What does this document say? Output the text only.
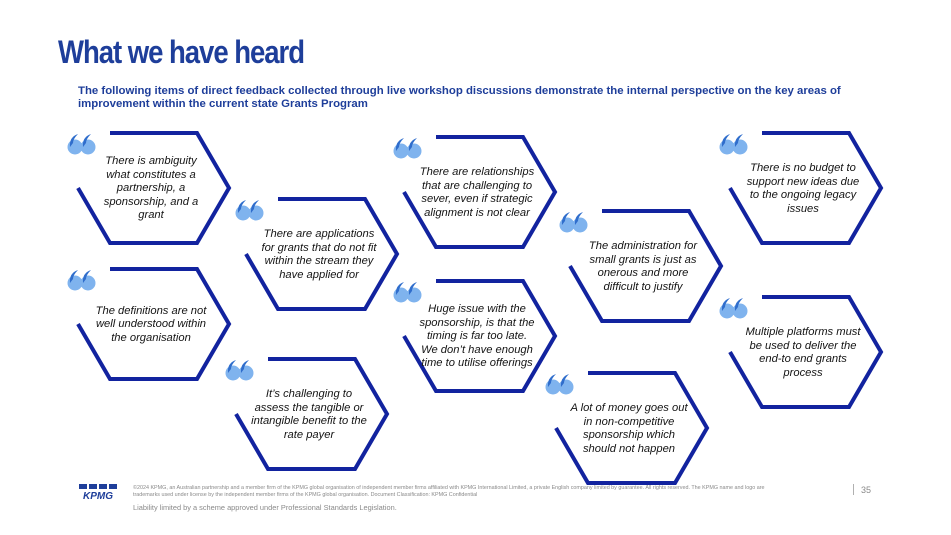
What we have heard
The following items of direct feedback collected through live workshop discussions demonstrate the internal perspective on the key areas of improvement within the current state Grants Program
There is ambiguity what constitutes a partnership, a sponsorship, and a grant
The definitions are not well understood within the organisation
There are applications for grants that do not fit within the stream they have applied for
It’s challenging to assess the tangible or intangible benefit to the rate payer
There are relationships that are challenging to sever, even if strategic alignment is not clear
Huge issue with the sponsorship, is that the timing is far too late. We don’t have enough time to utilise offerings
The administration for small grants is just as onerous and more difficult to justify
A lot of money goes out in non-competitive sponsorship which should not happen
There is no budget to support new ideas due to the ongoing legacy issues
Multiple platforms must be used to deliver the end-to end grants process
KPMG
©2024 KPMG, an Australian partnership and a member firm of the KPMG global organisation of independent member firms affiliated with KPMG International Limited, a private English company limited by guarantee. All rights reserved. The KPMG name and logo are trademarks used under license by the independent member firms of the KPMG global organisation. Document Classification: KPMG Confidential
Liability limited by a scheme approved under Professional Standards Legislation.
35
